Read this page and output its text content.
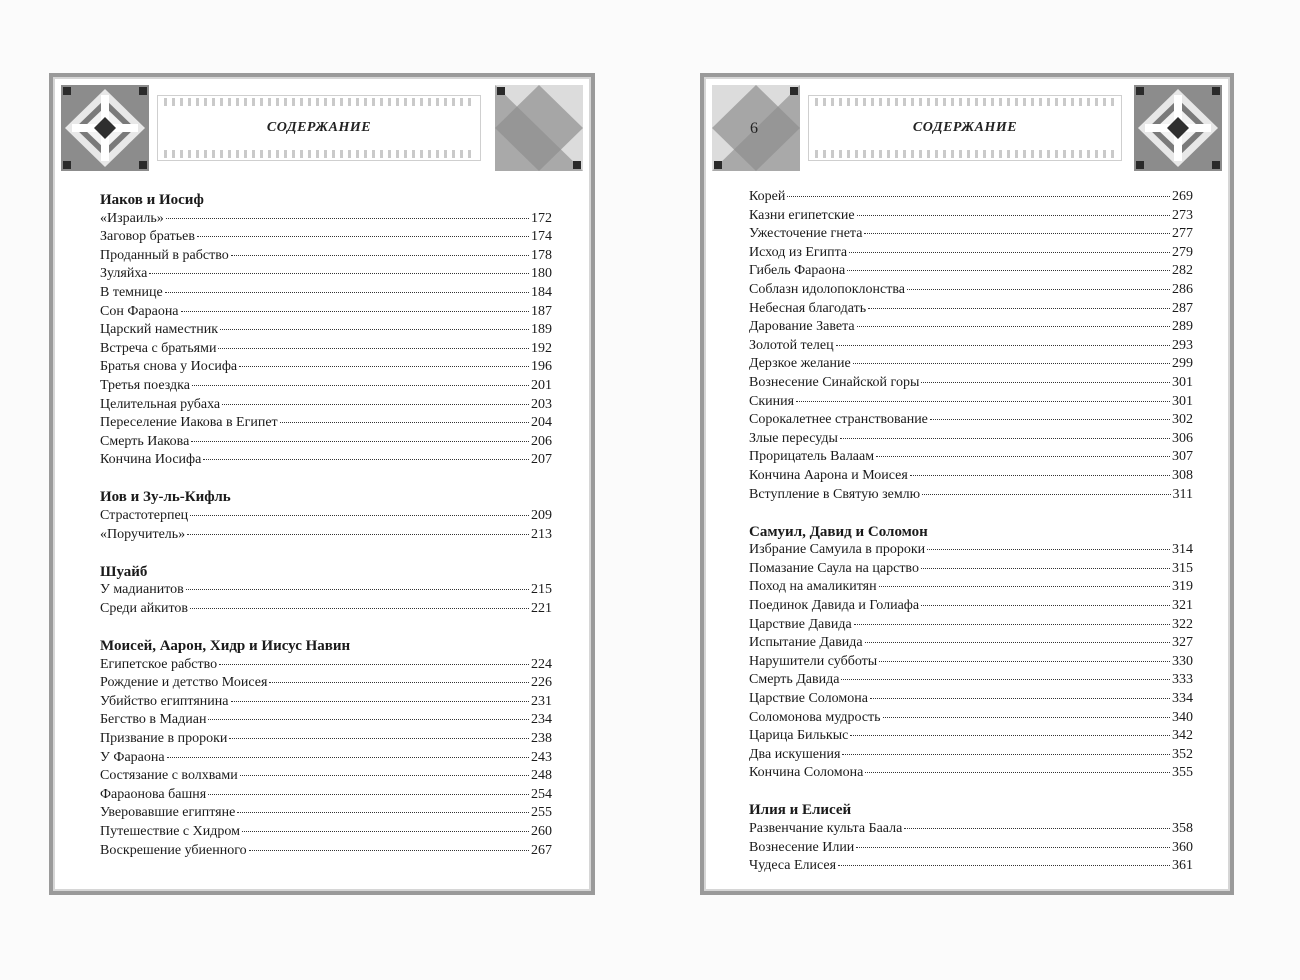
СОДЕРЖАНИЕ
Иаков и Иосиф
«Израиль»	172
Заговор братьев	174
Проданный в рабство	178
Зуляйха	180
В темнице	184
Сон Фараона	187
Царский наместник	189
Встреча с братьями	192
Братья снова у Иосифа	196
Третья поездка	201
Целительная рубаха	203
Переселение Иакова в Египет	204
Смерть Иакова	206
Кончина Иосифа	207
Иов и Зу-ль-Кифль
Страстотерпец	209
«Поручитель»	213
Шуайб
У мадианитов	215
Среди айкитов	221
Моисей, Аарон, Хидр и Иисус Навин
Египетское рабство	224
Рождение и детство Моисея	226
Убийство египтянина	231
Бегство в Мадиан	234
Призвание в пророки	238
У Фараона	243
Состязание с волхвами	248
Фараонова башня	254
Уверовавшие египтяне	255
Путешествие с Хидром	260
Воскрешение убиенного	267
6	СОДЕРЖАНИЕ
Корей	269
Казни египетские	273
Ужесточение гнета	277
Исход из Египта	279
Гибель Фараона	282
Соблазн идолопоклонства	286
Небесная благодать	287
Дарование Завета	289
Золотой телец	293
Дерзкое желание	299
Вознесение Синайской горы	301
Скиния	301
Сорокалетнее странствование	302
Злые пересуды	306
Прорицатель Валаам	307
Кончина Аарона и Моисея	308
Вступление в Святую землю	311
Самуил, Давид и Соломон
Избрание Самуила в пророки	314
Помазание Саула на царство	315
Поход на амаликитян	319
Поединок Давида и Голиафа	321
Царствие Давида	322
Испытание Давида	327
Нарушители субботы	330
Смерть Давида	333
Царствие Соломона	334
Соломонова мудрость	340
Царица Билькыс	342
Два искушения	352
Кончина Соломона	355
Илия и Елисей
Развенчание культа Баала	358
Вознесение Илии	360
Чудеса Елисея	361
